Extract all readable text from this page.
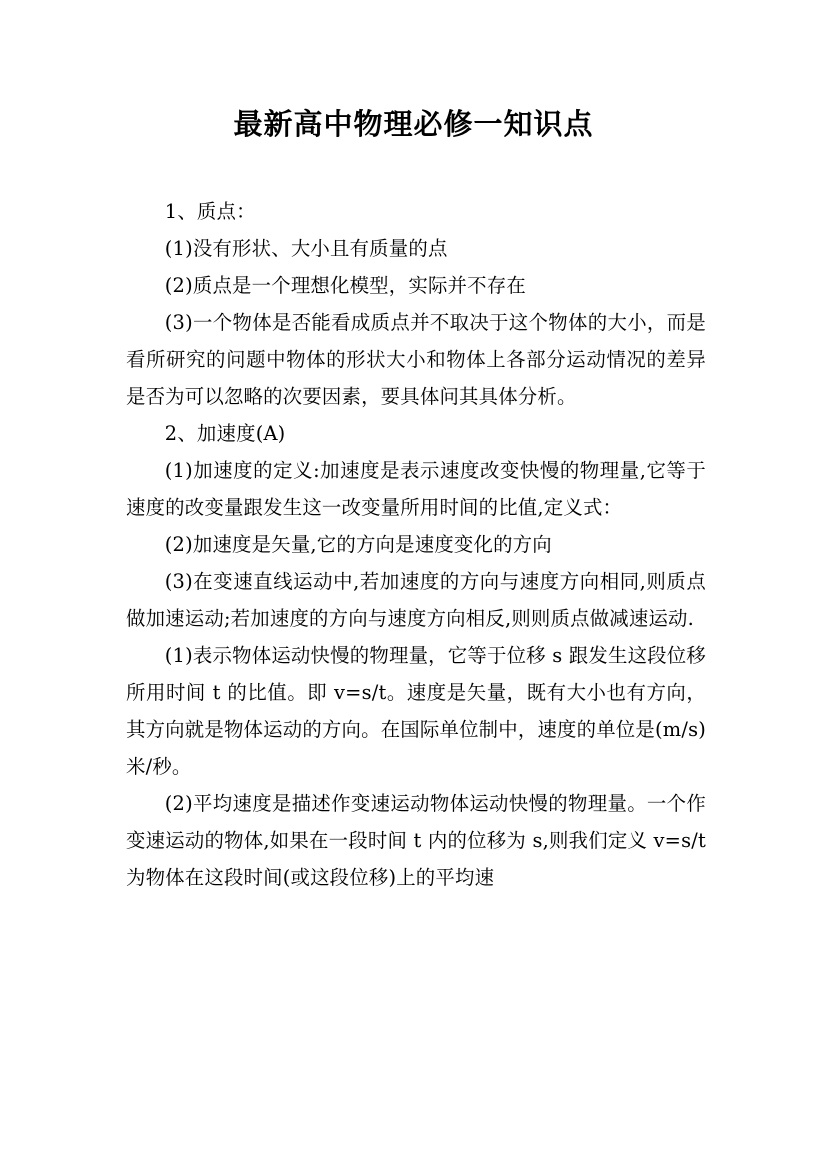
最新高中物理必修一知识点

1、质点：

(1)没有形状、大小且有质量的点

(2)质点是一个理想化模型，实际并不存在

(3)一个物体是否能看成质点并不取决于这个物体的大小，而是看所研究的问题中物体的形状大小和物体上各部分运动情况的差异是否为可以忽略的次要因素，要具体问其具体分析。

2、加速度(A)

(1)加速度的定义:加速度是表示速度改变快慢的物理量,它等于速度的改变量跟发生这一改变量所用时间的比值,定义式：

(2)加速度是矢量,它的方向是速度变化的方向

(3)在变速直线运动中,若加速度的方向与速度方向相同,则质点做加速运动;若加速度的方向与速度方向相反,则则质点做减速运动.

(1)表示物体运动快慢的物理量，它等于位移 s 跟发生这段位移所用时间 t 的比值。即 v=s/t。速度是矢量，既有大小也有方向，其方向就是物体运动的方向。在国际单位制中，速度的单位是(m/s)米/秒。

(2)平均速度是描述作变速运动物体运动快慢的物理量。一个作变速运动的物体,如果在一段时间 t 内的位移为 s,则我们定义 v=s/t 为物体在这段时间(或这段位移)上的平均速
